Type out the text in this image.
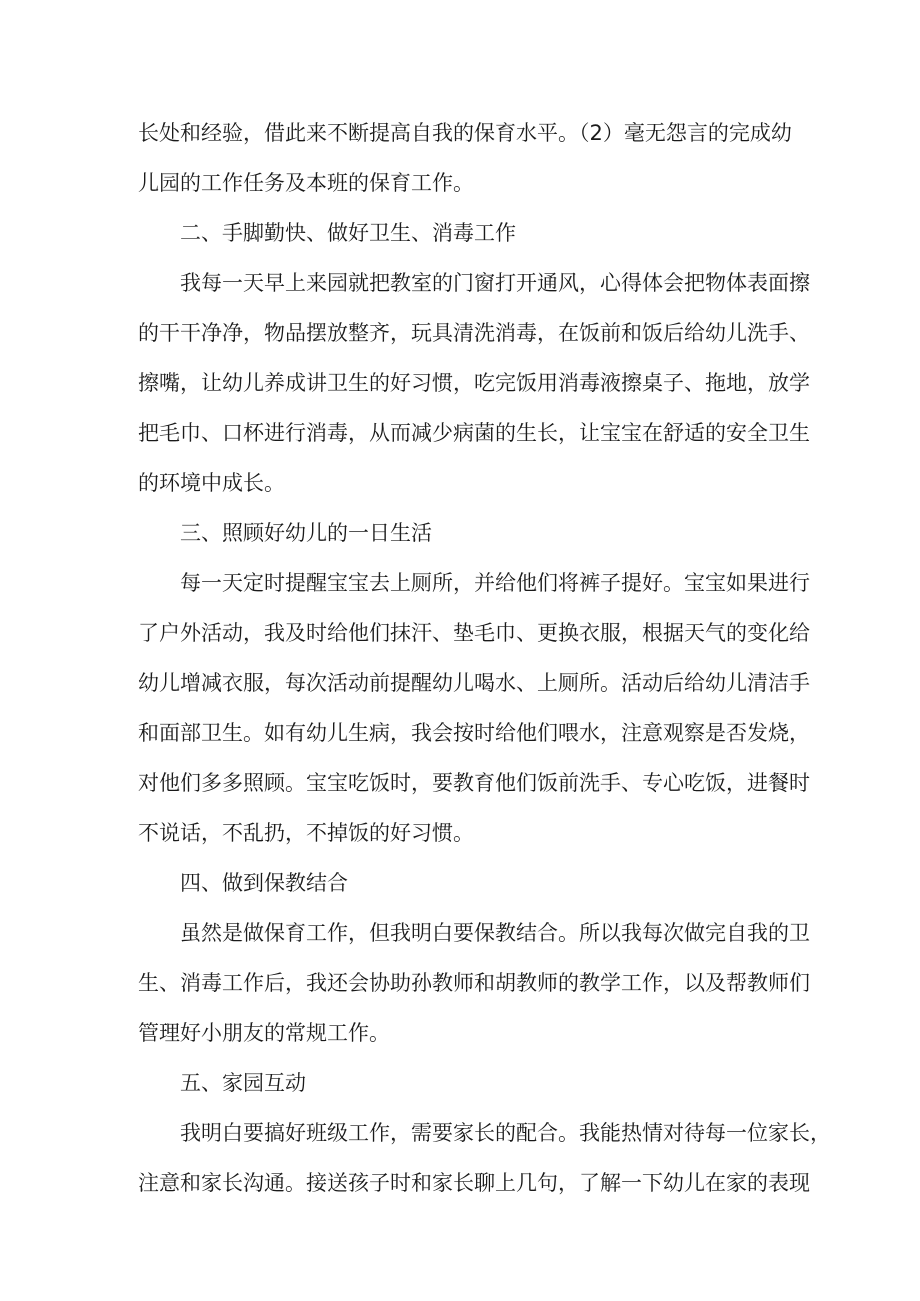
长处和经验，借此来不断提高自我的保育水平。（2）毫无怨言的完成幼
儿园的工作任务及本班的保育工作。
二、手脚勤快、做好卫生、消毒工作
我每一天早上来园就把教室的门窗打开通风，心得体会把物体表面擦
的干干净净，物品摆放整齐，玩具清洗消毒，在饭前和饭后给幼儿洗手、
擦嘴，让幼儿养成讲卫生的好习惯，吃完饭用消毒液擦桌子、拖地，放学
把毛巾、口杯进行消毒，从而减少病菌的生长，让宝宝在舒适的安全卫生
的环境中成长。
三、照顾好幼儿的一日生活
每一天定时提醒宝宝去上厕所，并给他们将裤子提好。宝宝如果进行
了户外活动，我及时给他们抹汗、垫毛巾、更换衣服，根据天气的变化给
幼儿增减衣服，每次活动前提醒幼儿喝水、上厕所。活动后给幼儿清洁手
和面部卫生。如有幼儿生病，我会按时给他们喂水，注意观察是否发烧，
对他们多多照顾。宝宝吃饭时，要教育他们饭前洗手、专心吃饭，进餐时
不说话，不乱扔，不掉饭的好习惯。
四、做到保教结合
虽然是做保育工作，但我明白要保教结合。所以我每次做完自我的卫
生、消毒工作后，我还会协助孙教师和胡教师的教学工作，以及帮教师们
管理好小朋友的常规工作。
五、家园互动
我明白要搞好班级工作，需要家长的配合。我能热情对待每一位家长，
注意和家长沟通。接送孩子时和家长聊上几句，了解一下幼儿在家的表现
